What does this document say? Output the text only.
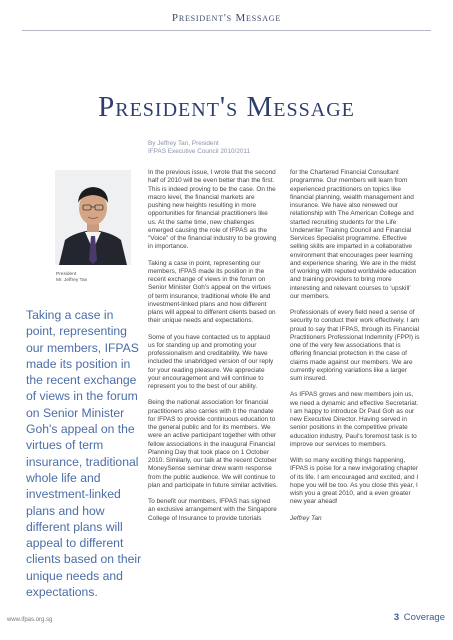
President's Message
President's Message
By Jeffrey Tan, President
IFPAS Executive Council 2010/2011
President
Mr. Jeffrey Tan
Taking a case in point, representing our members, IFPAS made its position in the recent exchange of views in the forum on Senior Minister Goh's appeal on the virtues of term insurance, traditional whole life and investment-linked plans and how different plans will appeal to different clients based on their unique needs and expectations.

In the previous issue, I wrote that the second half of 2010 will be even better than the first. This is indeed proving to be the case. On the macro level, the financial markets are pushing new heights resulting in more opportunities for financial practitioners like us. At the same time, new challenges emerged causing the role of IFPAS as the "Voice" of the financial industry to be growing in importance.

Taking a case in point, representing our members, IFPAS made its position in the recent exchange of views in the forum on Senior Minister Goh's appeal on the virtues of term insurance, traditional whole life and investment-linked plans and how different plans will appeal to different clients based on their unique needs and expectations.

Some of you have contacted us to applaud us for standing up and promoting your professionalism and creditability. We have included the unabridged version of our reply for your reading pleasure. We appreciate your encouragement and will continue to represent you to the best of our ability.

Being the national association for financial practitioners also carries with it the mandate for IFPAS to provide continuous education to the general public and for its members. We were an active participant together with other fellow associations in the inaugural Financial Planning Day that took place on 1 October 2010. Similarly, our talk at the recent October MoneySense seminar drew warm response from the public audience. We will continue to plan and participate in future similar activities.

To benefit our members, IFPAS has signed an exclusive arrangement with the Singapore College of Insurance to provide tutorials

for the Chartered Financial Consultant programme. Our members will learn from experienced practitioners on topics like financial planning, wealth management and insurance. We have also renewed our relationship with The American College and started recruiting students for the Life Underwriter Training Council and Financial Services Specialist programme. Effective selling skills are imparted in a collaborative environment that encourages peer learning and experience sharing. We are in the midst of working with reputed worldwide education and training providers to bring more interesting and relevant courses to 'upskill' our members.

Professionals of every field need a sense of security to conduct their work effectively. I am proud to say that IFPAS, through its Financial Practitioners Professional Indemnity (FPPI) is one of the very few associations that is offering financial protection in the case of claims made against our members. We are currently exploring variations like a larger sum insured.

As IFPAS grows and new members join us, we need a dynamic and effective Secretariat. I am happy to introduce Dr Paul Goh as our new Executive Director. Having served in senior positions in the competitive private education industry, Paul's foremost task is to improve our services to members.

With so many exciting things happening, IFPAS is poise for a new invigorating chapter of its life. I am encouraged and excited, and I hope you will be too. As you close this year, I wish you a great 2010, and a even greater new year ahead!

Jeffrey Tan

www.ifpas.org.sg	3 Coverage
